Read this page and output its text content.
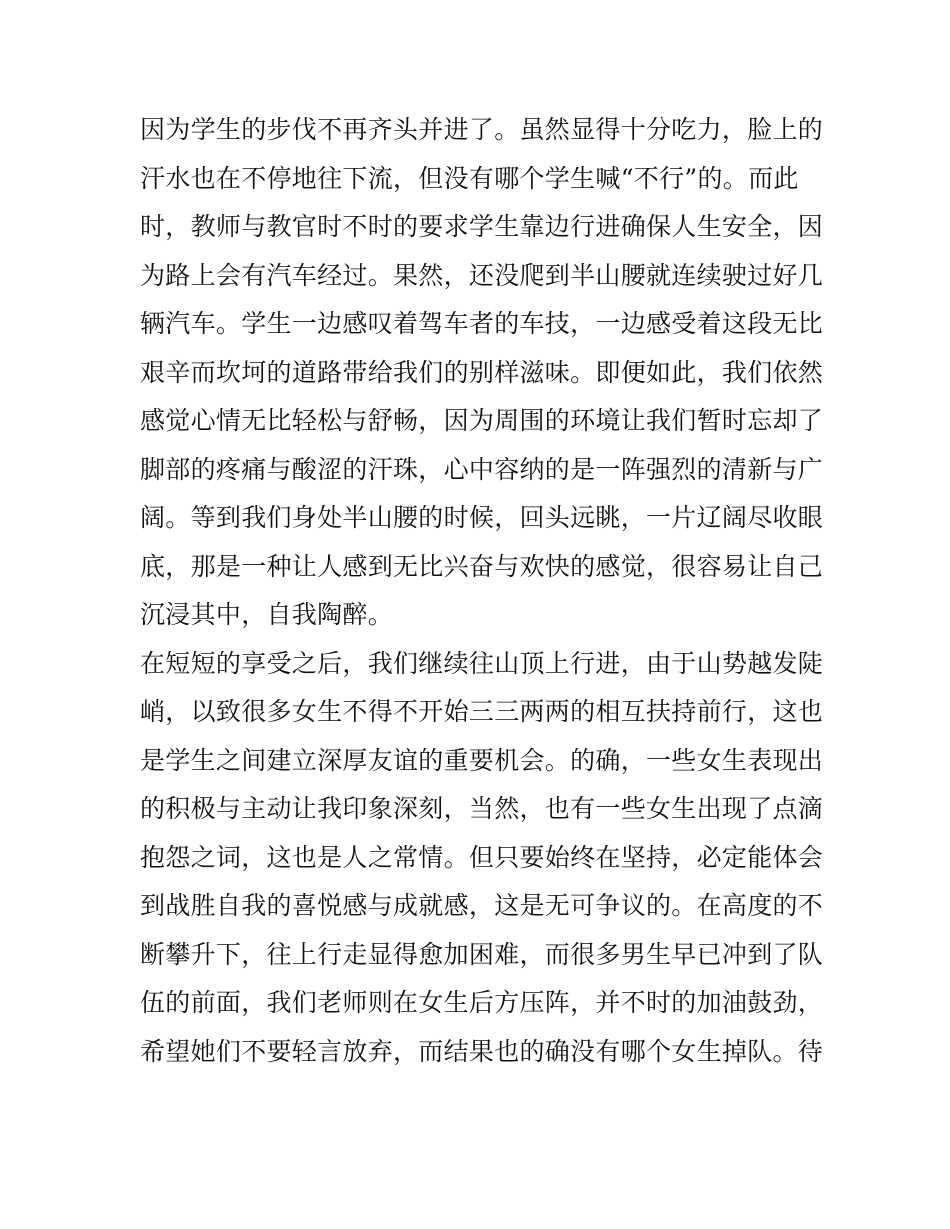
因为学生的步伐不再齐头并进了。虽然显得十分吃力，脸上的
汗水也在不停地往下流，但没有哪个学生喊“不行”的。而此
时，教师与教官时不时的要求学生靠边行进确保人生安全，因
为路上会有汽车经过。果然，还没爬到半山腰就连续驶过好几
辆汽车。学生一边感叹着驾车者的车技，一边感受着这段无比
艰辛而坎坷的道路带给我们的别样滋味。即便如此，我们依然
感觉心情无比轻松与舒畅，因为周围的环境让我们暂时忘却了
脚部的疼痛与酸涩的汗珠，心中容纳的是一阵强烈的清新与广
阔。等到我们身处半山腰的时候，回头远眺，一片辽阔尽收眼
底，那是一种让人感到无比兴奋与欢快的感觉，很容易让自己
沉浸其中，自我陶醉。
在短短的享受之后，我们继续往山顶上行进，由于山势越发陡
峭，以致很多女生不得不开始三三两两的相互扶持前行，这也
是学生之间建立深厚友谊的重要机会。的确，一些女生表现出
的积极与主动让我印象深刻，当然，也有一些女生出现了点滴
抱怨之词，这也是人之常情。但只要始终在坚持，必定能体会
到战胜自我的喜悦感与成就感，这是无可争议的。在高度的不
断攀升下，往上行走显得愈加困难，而很多男生早已冲到了队
伍的前面，我们老师则在女生后方压阵，并不时的加油鼓劲，
希望她们不要轻言放弃，而结果也的确没有哪个女生掉队。待
